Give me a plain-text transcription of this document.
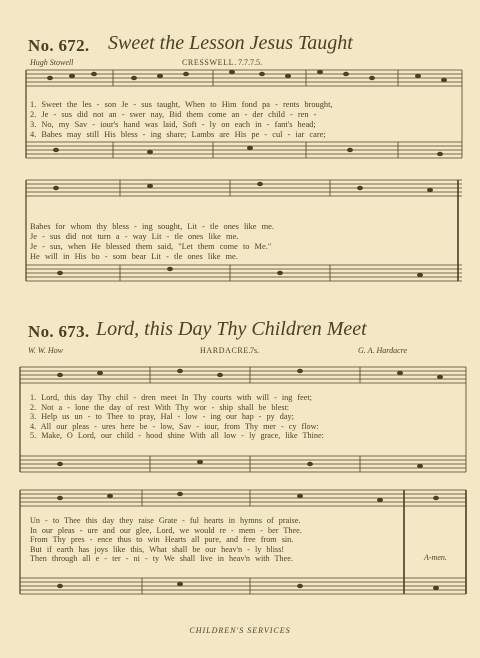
No. 672. Sweet the Lesson Jesus Taught
Hugh Stowell	CRESSWELL. 7.7.7.5.
1. Sweet the les - son Je - sus taught, When to Him fond pa - rents brought,
2. Je - sus did not an - swer nay, Bid them come an - der child - ren -
3. No, my Sav - iour's hand was laid, Soft - ly on each in - fant's head;
4. Babes may still His bless - ing share; Lambs are His pe - cul - iar care;
Babes for whom thy bless - ing sought, Lit - tle ones like me.
Je - sus did not turn a - way Lit - tle ones like me.
Je - sus, when He blessed them said, "Let them come to Me."
He will in His bo - som bear Lit - tle ones like me.
No. 673. Lord, this Day Thy Children Meet
W. W. How	HARDACRE.
7s.	G. A. Hardacre
1. Lord, this day Thy chil - dren meet In Thy courts with will - ing feet;
2. Not a - lone the day of rest With Thy wor - ship shall be blest:
3. Help us un - to Thee to pray, Hal - low - ing our hap - py day;
4. All our pleas - ures here be - low, Sav - iour, from Thy mer - cy flow:
5. Make, O Lord, our child - hood shine With all low - ly grace, like Thine:
Un - to Thee this day they raise Grate - ful hearts in hymns of praise.
In our pleas - ure and our glee, Lord, we would re - mem - ber Thee.
From Thy pres - ence thus to win Hearts all pure, and free from sin.
But if earth has joys like this, What shall be our heav'n - ly bliss!
Then through all e - ter - ni - ty We shall live in heav'n with Thee.	A-men.
CHILDREN'S SERVICES
